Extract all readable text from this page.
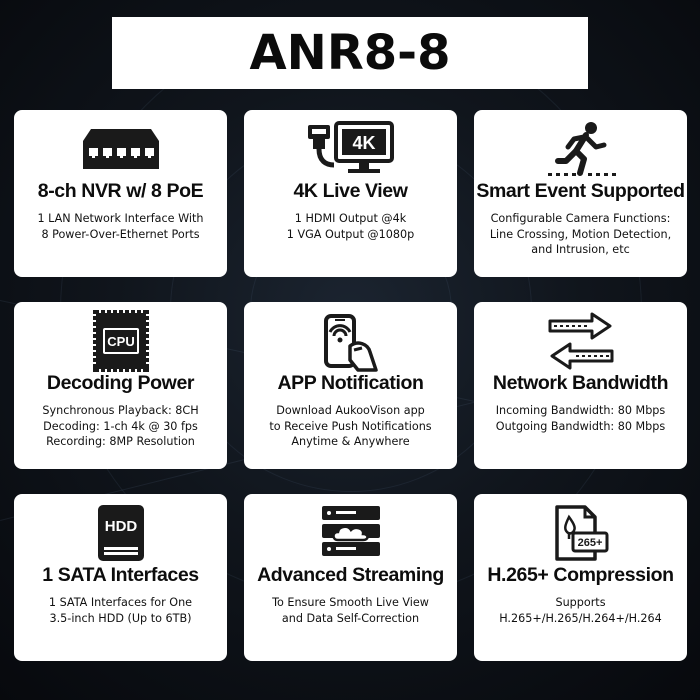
ANR8-8
8-ch NVR w/ 8 PoE
1 LAN Network Interface With
8 Power-Over-Ethernet Ports
4K
4K Live View
1 HDMI Output @4k
1 VGA Output @1080p
Smart Event Supported
Configurable Camera Functions:
Line Crossing, Motion Detection,
and Intrusion, etc
CPU
Decoding Power
Synchronous Playback: 8CH
Decoding: 1-ch 4k @ 30 fps
Recording: 8MP Resolution
APP Notification
Download AukooVison app
to Receive Push Notifications
Anytime & Anywhere
Network Bandwidth
Incoming Bandwidth: 80 Mbps
Outgoing Bandwidth: 80 Mbps
HDD
1 SATA Interfaces
1 SATA Interfaces for One
3.5-inch HDD (Up to 6TB)
Advanced Streaming
To Ensure Smooth Live View
and Data Self-Correction
265+
H.265+ Compression
Supports
H.265+/H.265/H.264+/H.264
